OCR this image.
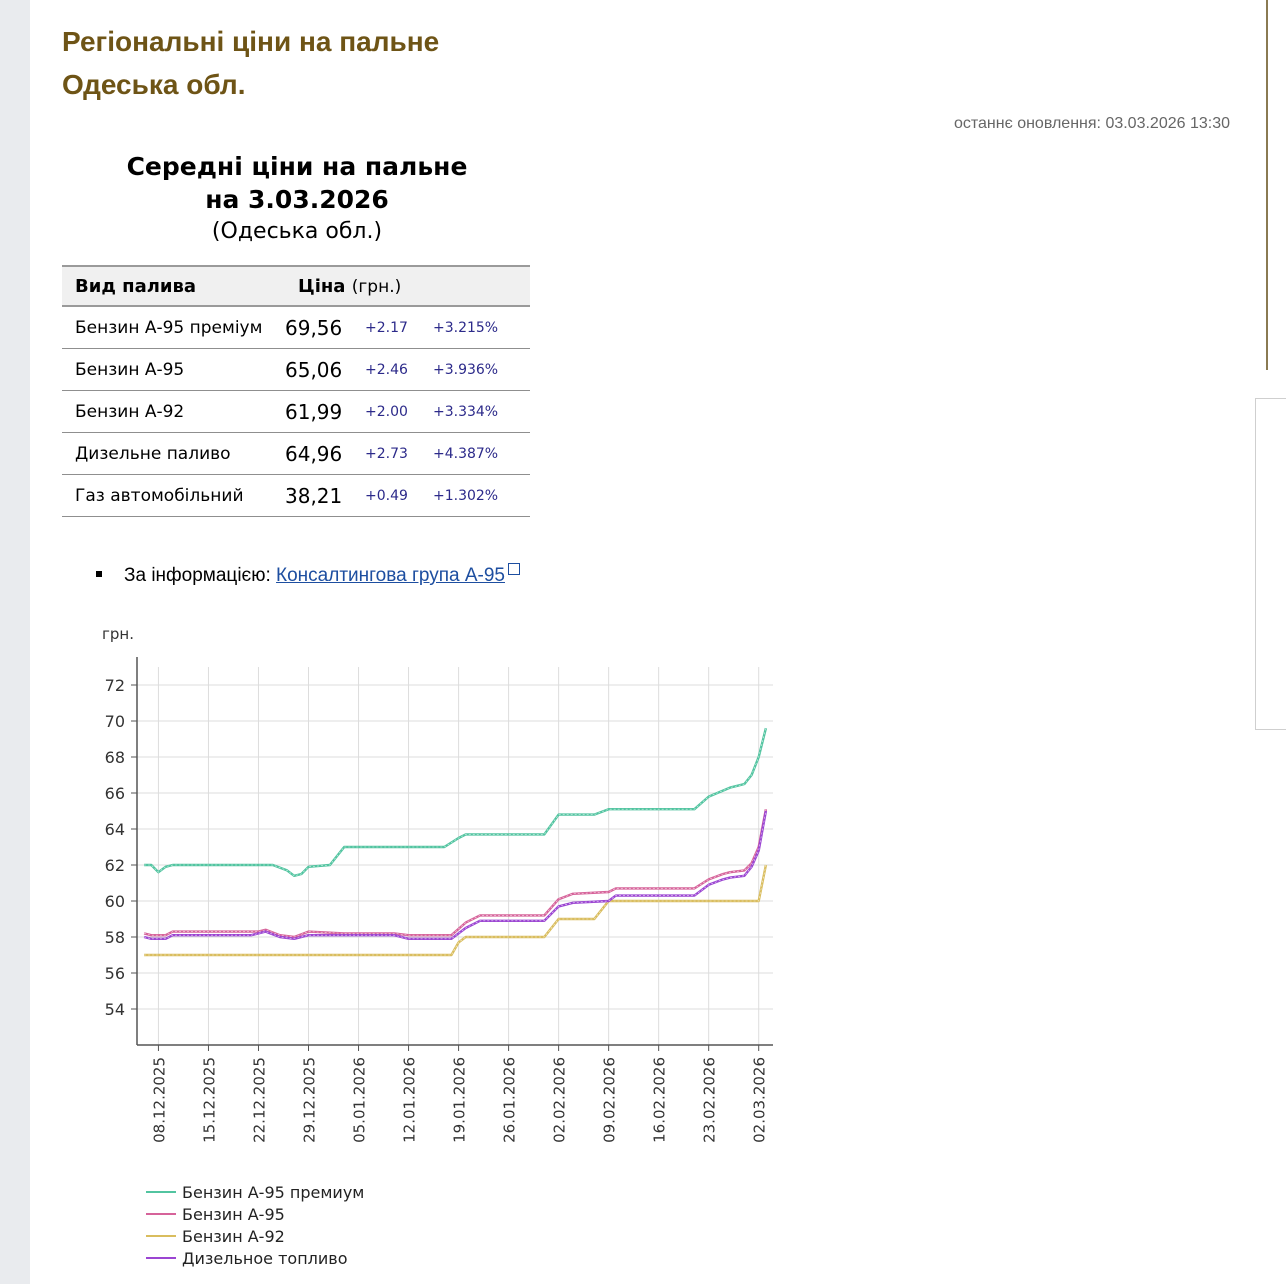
Регіональні ціни на пальне
Одеська обл.
останнє оновлення: 03.03.2026 13:30
Середні ціни на пальне
на 3.03.2026
(Одеська обл.)
Вид палива	Ціна (грн.)		
Бензин А-95 преміум	69,56	+2.17	+3.215%
Бензин А-95	65,06	+2.46	+3.936%
Бензин А-92	61,99	+2.00	+3.334%
Дизельне паливо	64,96	+2.73	+4.387%
Газ автомобільний	38,21	+0.49	+1.302%
За інформацією: Консалтингова група А-95
54
56
58
60
62
64
66
68
70
72
грн.
08.12.2025 15.12.2025 22.12.2025 29.12.2025 05.01.2026 12.01.2026 19.01.2026 26.01.2026 02.02.2026 09.02.2026 16.02.2026 23.02.2026 02.03.2026
Бензин А-95 премиум
Бензин А-95
Бензин А-92
Дизельное топливо
